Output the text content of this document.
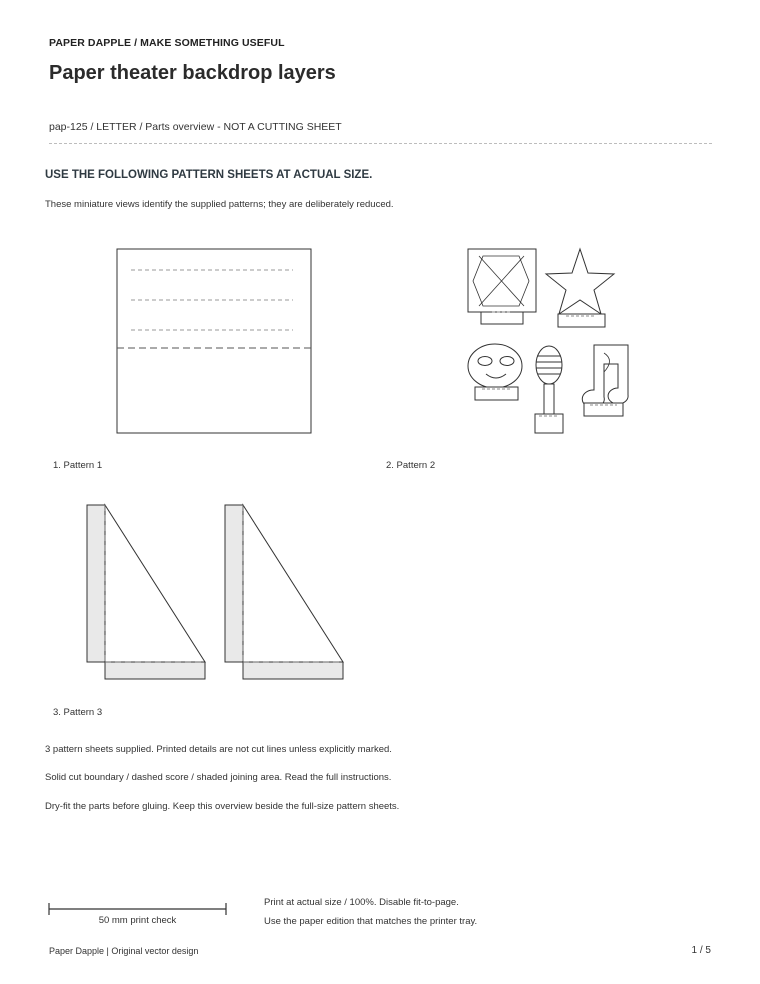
PAPER DAPPLE / MAKE SOMETHING USEFUL
Paper theater backdrop layers
pap-125 / LETTER / Parts overview - NOT A CUTTING SHEET
USE THE FOLLOWING PATTERN SHEETS AT ACTUAL SIZE.
These miniature views identify the supplied patterns; they are deliberately reduced.
1. Pattern 1	2. Pattern 2
3. Pattern 3
3 pattern sheets supplied. Printed details are not cut lines unless explicitly marked.
Solid cut boundary / dashed score / shaded joining area. Read the full instructions.
Dry-fit the parts before gluing. Keep this overview beside the full-size pattern sheets.
50 mm print check
Print at actual size / 100%. Disable fit-to-page.
Use the paper edition that matches the printer tray.
Paper Dapple | Original vector design	1 / 5
